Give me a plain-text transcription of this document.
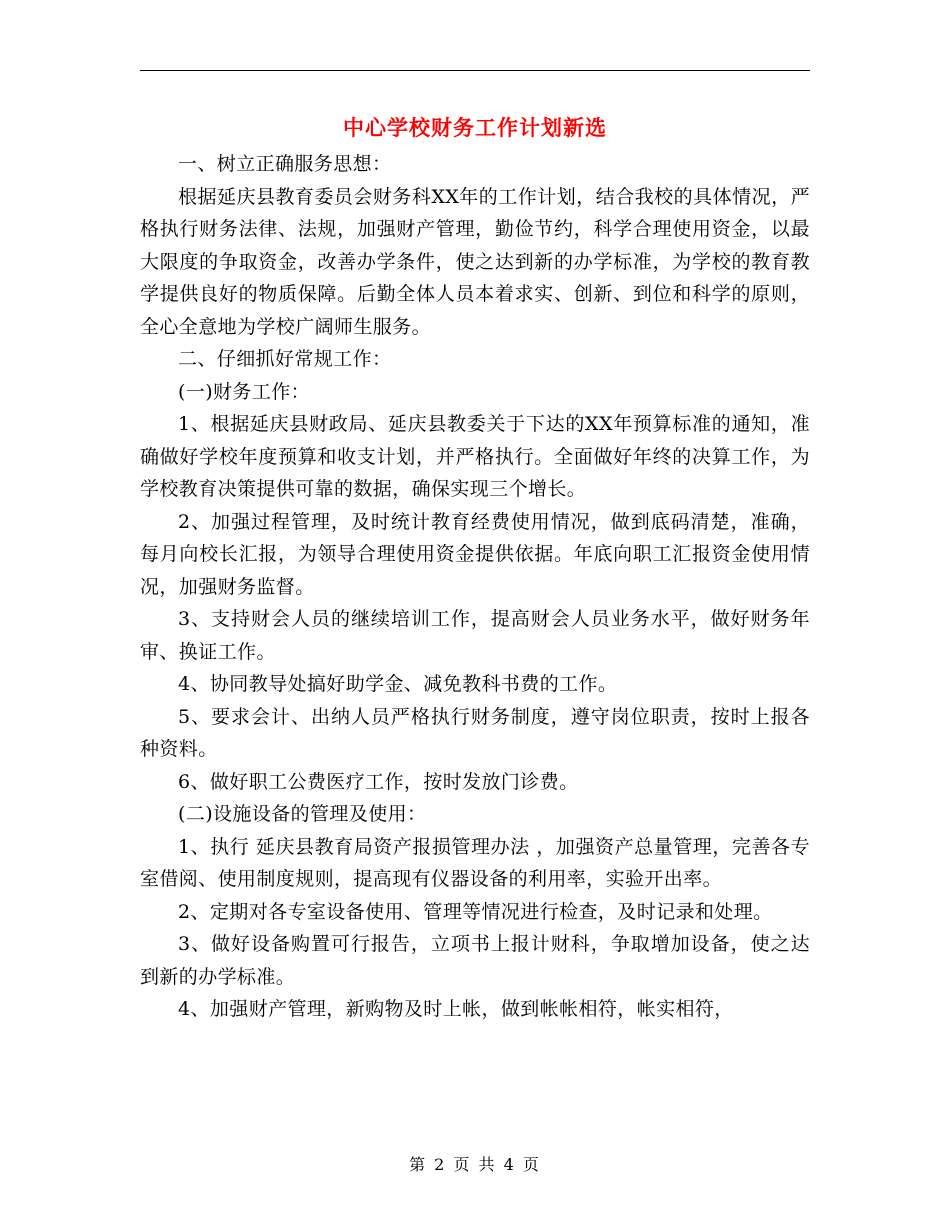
中心学校财务工作计划新选

一、树立正确服务思想：

根据延庆县教育委员会财务科XX年的工作计划，结合我校的具体情况，严格执行财务法律、法规，加强财产管理，勤俭节约，科学合理使用资金，以最大限度的争取资金，改善办学条件，使之达到新的办学标准，为学校的教育教学提供良好的物质保障。后勤全体人员本着求实、创新、到位和科学的原则，全心全意地为学校广阔师生服务。

二、仔细抓好常规工作：

(一)财务工作：

1、根据延庆县财政局、延庆县教委关于下达的XX年预算标准的通知，准确做好学校年度预算和收支计划，并严格执行。全面做好年终的决算工作，为学校教育决策提供可靠的数据，确保实现三个增长。

2、加强过程管理，及时统计教育经费使用情况，做到底码清楚，准确，每月向校长汇报，为领导合理使用资金提供依据。年底向职工汇报资金使用情况，加强财务监督。

3、支持财会人员的继续培训工作，提高财会人员业务水平，做好财务年审、换证工作。

4、协同教导处搞好助学金、减免教科书费的工作。

5、要求会计、出纳人员严格执行财务制度，遵守岗位职责，按时上报各种资料。

6、做好职工公费医疗工作，按时发放门诊费。

(二)设施设备的管理及使用：

1、执行 延庆县教育局资产报损管理办法 ，加强资产总量管理，完善各专室借阅、使用制度规则，提高现有仪器设备的利用率，实验开出率。

2、定期对各专室设备使用、管理等情况进行检查，及时记录和处理。

3、做好设备购置可行报告，立项书上报计财科，争取增加设备，使之达到新的办学标准。

4、加强财产管理，新购物及时上帐，做到帐帐相符，帐实相符，

第 2 页 共 4 页
